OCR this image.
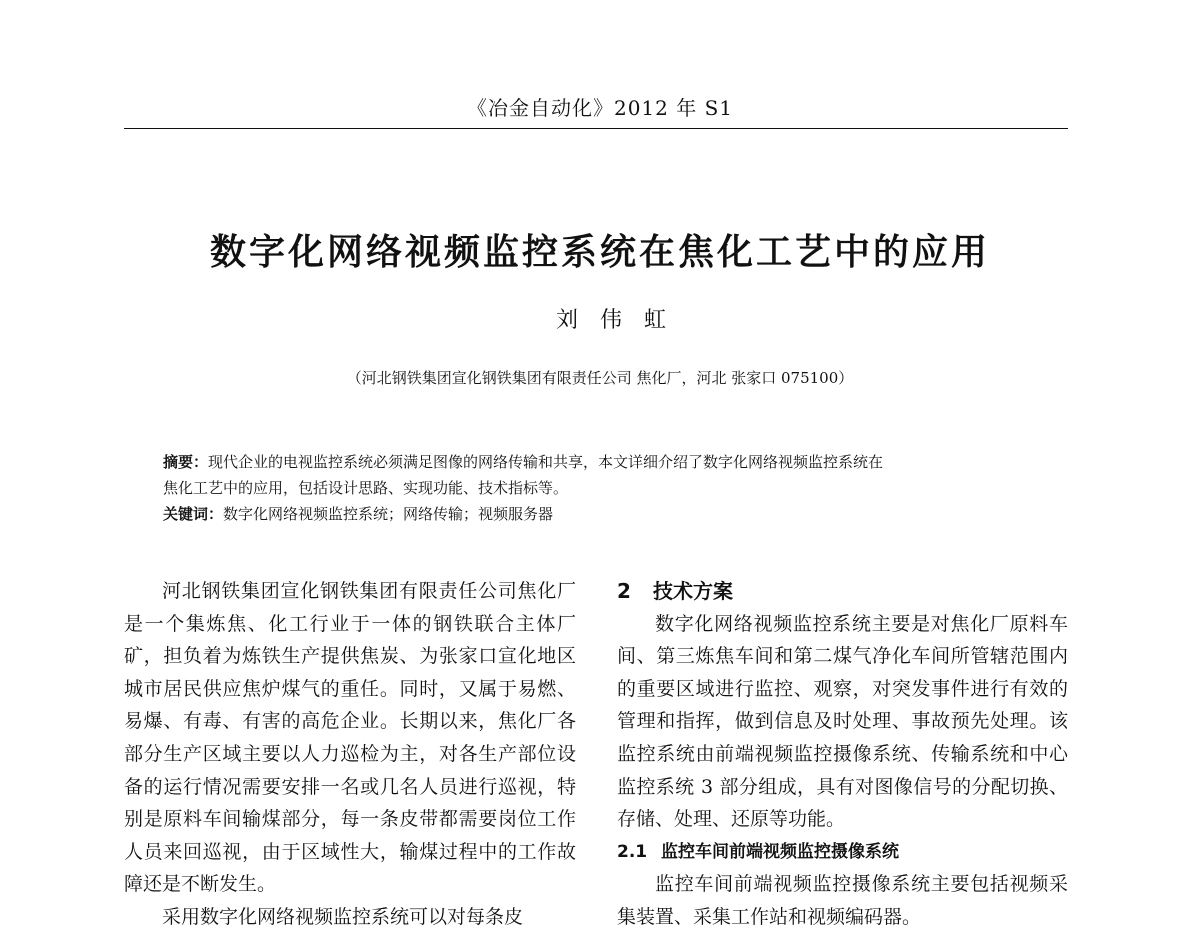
《冶金自动化》2012 年 S1
数字化网络视频监控系统在焦化工艺中的应用
刘伟虹
（河北钢铁集团宣化钢铁集团有限责任公司 焦化厂，河北 张家口 075100）

摘要：现代企业的电视监控系统必须满足图像的网络传输和共享，本文详细介绍了数字化网络视频监控系统在

焦化工艺中的应用，包括设计思路、实现功能、技术指标等。

关键词：数字化网络视频监控系统；网络传输；视频服务器

河北钢铁集团宣化钢铁集团有限责任公司焦化厂是一个集炼焦、化工行业于一体的钢铁联合主体厂矿，担负着为炼铁生产提供焦炭、为张家口宣化地区城市居民供应焦炉煤气的重任。同时，又属于易燃、易爆、有毒、有害的高危企业。长期以来，焦化厂各部分生产区域主要以人力巡检为主，对各生产部位设备的运行情况需要安排一名或几名人员进行巡视，特别是原料车间输煤部分，每一条皮带都需要岗位工作人员来回巡视，由于区域性大，输煤过程中的工作故障还是不断发生。

采用数字化网络视频监控系统可以对每条皮

2 技术方案

数字化网络视频监控系统主要是对焦化厂原料车间、第三炼焦车间和第二煤气净化车间所管辖范围内的重要区域进行监控、观察，对突发事件进行有效的管理和指挥，做到信息及时处理、事故预先处理。该监控系统由前端视频监控摄像系统、传输系统和中心监控系统 3 部分组成，具有对图像信号的分配切换、存储、处理、还原等功能。

2.1 监控车间前端视频监控摄像系统

监控车间前端视频监控摄像系统主要包括视频采集装置、采集工作站和视频编码器。
